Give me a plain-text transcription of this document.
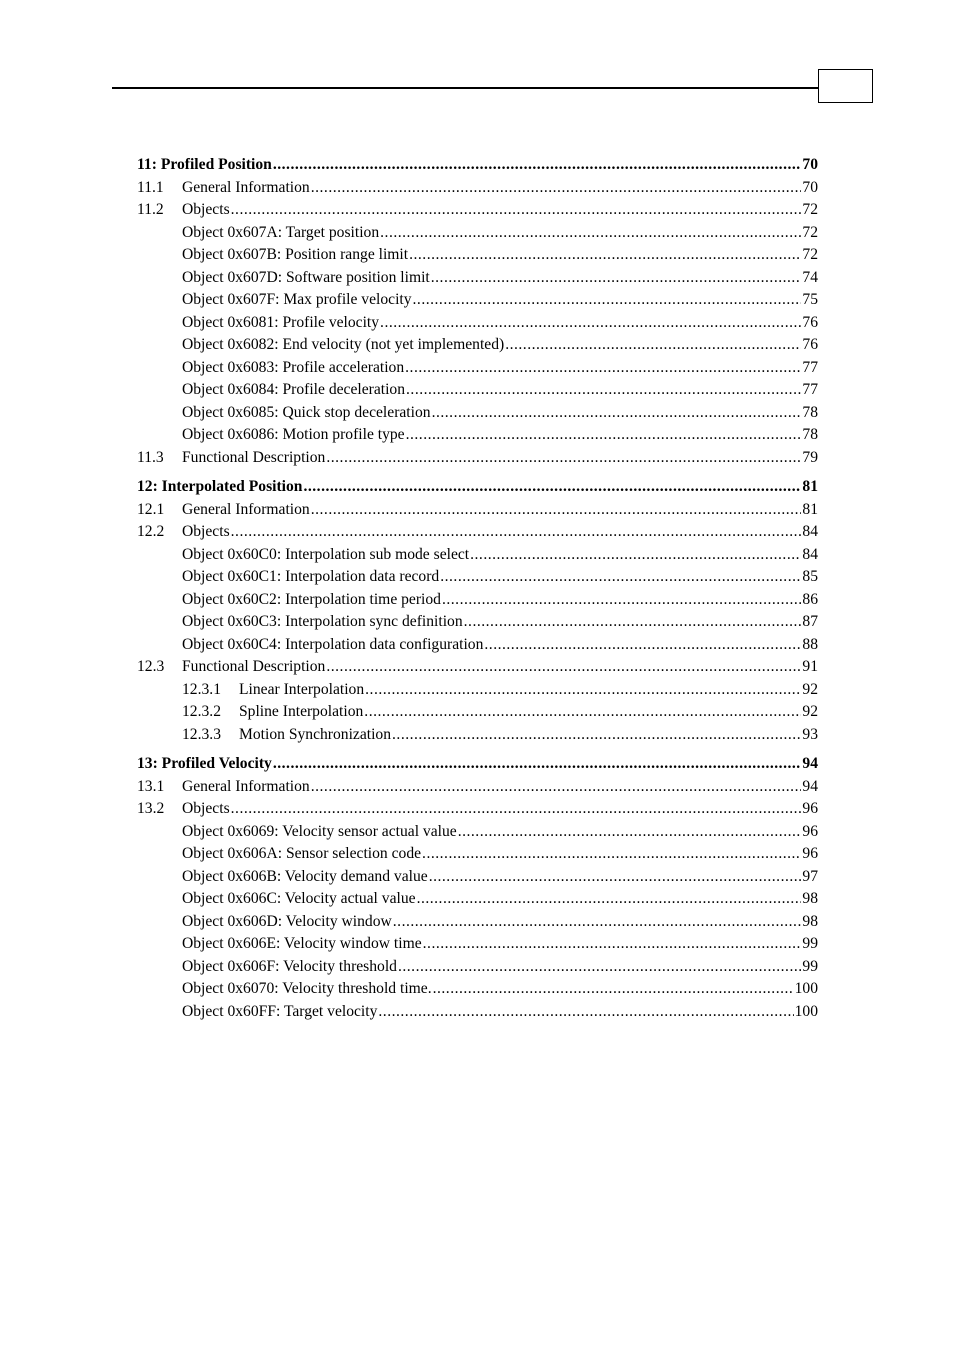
11: Profiled Position .....	70
11.1	General Information .....	70
11.2	Objects .....	72
Object 0x607A: Target position .....	72
Object 0x607B: Position range limit .....	72
Object 0x607D: Software position limit .....	74
Object 0x607F: Max profile velocity .....	75
Object 0x6081: Profile velocity .....	76
Object 0x6082: End velocity (not yet implemented) .....	76
Object 0x6083: Profile acceleration .....	77
Object 0x6084: Profile deceleration .....	77
Object 0x6085: Quick stop deceleration .....	78
Object 0x6086: Motion profile type .....	78
11.3	Functional Description .....	79
12: Interpolated Position .....	81
12.1	General Information .....	81
12.2	Objects .....	84
Object 0x60C0: Interpolation sub mode select .....	84
Object 0x60C1: Interpolation data record .....	85
Object 0x60C2: Interpolation time period .....	86
Object 0x60C3: Interpolation sync definition .....	87
Object 0x60C4: Interpolation data configuration .....	88
12.3	Functional Description .....	91
12.3.1	Linear Interpolation .....	92
12.3.2	Spline Interpolation .....	92
12.3.3	Motion Synchronization .....	93
13: Profiled Velocity .....	94
13.1	General Information .....	94
13.2	Objects .....	96
Object 0x6069: Velocity sensor actual value .....	96
Object 0x606A: Sensor selection code .....	96
Object 0x606B: Velocity demand value .....	97
Object 0x606C: Velocity actual value .....	98
Object 0x606D: Velocity window .....	98
Object 0x606E: Velocity window time .....	99
Object 0x606F: Velocity threshold .....	99
Object 0x6070: Velocity threshold time. .....	100
Object 0x60FF: Target velocity .....	100
